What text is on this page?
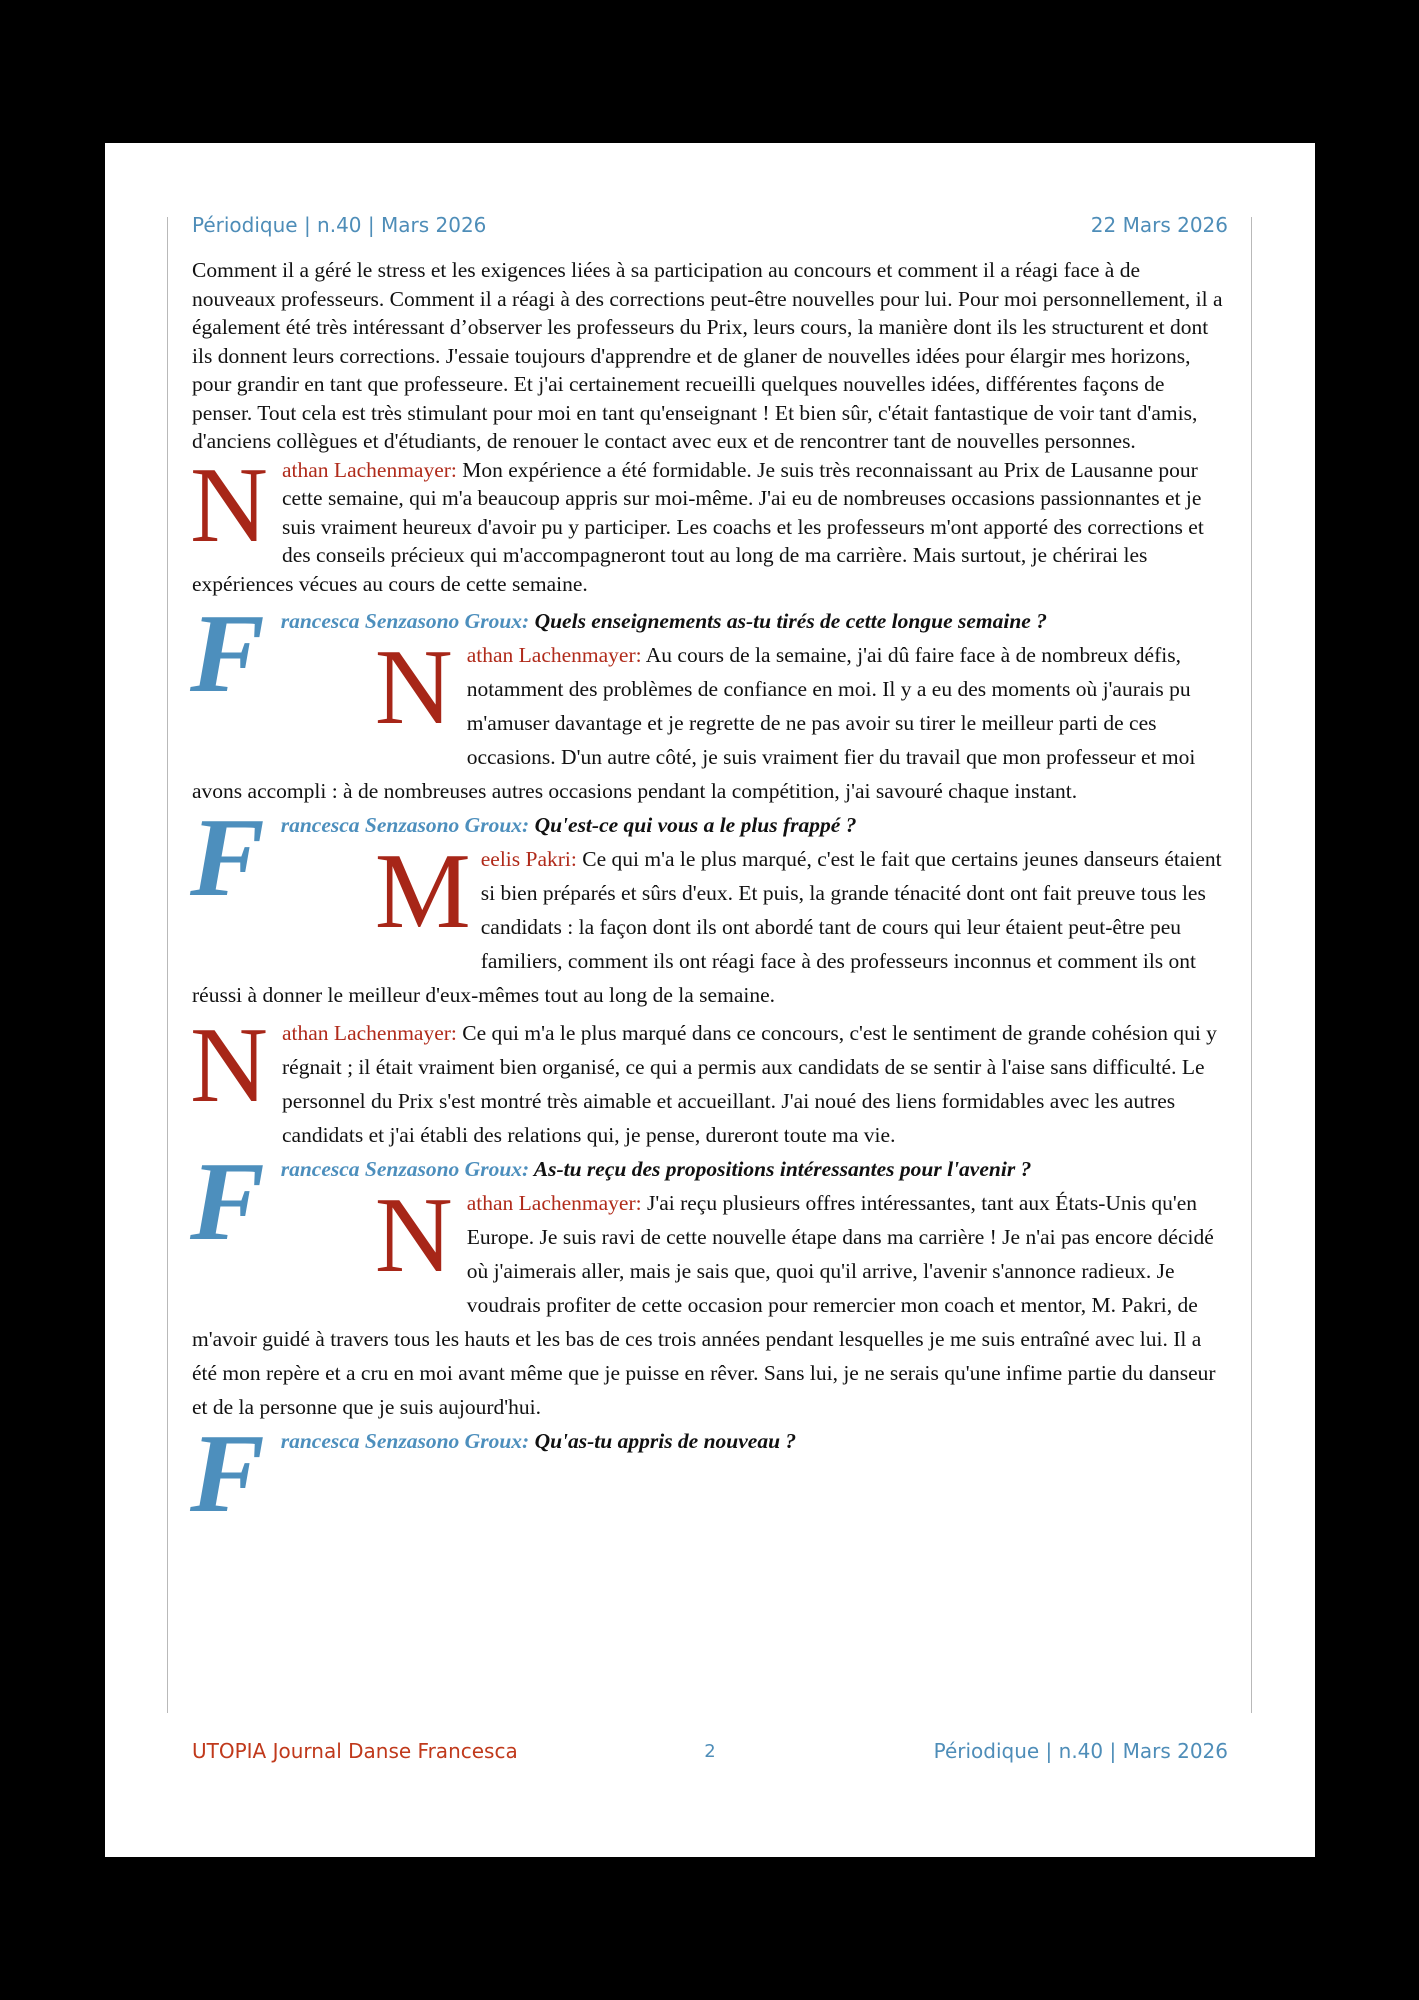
Périodique | n.40 | Mars 2026	22 Mars 2026

Comment il a géré le stress et les exigences liées à sa participation au concours et comment il a réagi face à de nouveaux professeurs. Comment il a réagi à des corrections peut-être nouvelles pour lui. Pour moi personnellement, il a également été très intéressant d’observer les professeurs du Prix, leurs cours, la manière dont ils les structurent et dont ils donnent leurs corrections. J'essaie toujours d'apprendre et de glaner de nouvelles idées pour élargir mes horizons, pour grandir en tant que professeure. Et j'ai certainement recueilli quelques nouvelles idées, différentes façons de penser. Tout cela est très stimulant pour moi en tant qu'enseignant ! Et bien sûr, c'était fantastique de voir tant d'amis, d'anciens collègues et d'étudiants, de renouer le contact avec eux et de rencontrer tant de nouvelles personnes.

Nathan Lachenmayer: Mon expérience a été formidable. Je suis très reconnaissant au Prix de Lausanne pour cette semaine, qui m'a beaucoup appris sur moi-même. J'ai eu de nombreuses occasions passionnantes et je suis vraiment heureux d'avoir pu y participer. Les coachs et les professeurs m'ont apporté des corrections et des conseils précieux qui m'accompagneront tout au long de ma carrière. Mais surtout, je chérirai les expériences vécues au cours de cette semaine.

Francesca Senzasono Groux: Quels enseignements as-tu tirés de cette longue semaine ?

Nathan Lachenmayer: Au cours de la semaine, j'ai dû faire face à de nombreux défis, notamment des problèmes de confiance en moi. Il y a eu des moments où j'aurais pu m'amuser davantage et je regrette de ne pas avoir su tirer le meilleur parti de ces occasions. D'un autre côté, je suis vraiment fier du travail que mon professeur et moi avons accompli : à de nombreuses autres occasions pendant la compétition, j'ai savouré chaque instant.

Francesca Senzasono Groux: Qu'est-ce qui vous a le plus frappé ?

Meelis Pakri: Ce qui m'a le plus marqué, c'est le fait que certains jeunes danseurs étaient si bien préparés et sûrs d'eux. Et puis, la grande ténacité dont ont fait preuve tous les candidats : la façon dont ils ont abordé tant de cours qui leur étaient peut-être peu familiers, comment ils ont réagi face à des professeurs inconnus et comment ils ont réussi à donner le meilleur d'eux-mêmes tout au long de la semaine.

Nathan Lachenmayer: Ce qui m'a le plus marqué dans ce concours, c'est le sentiment de grande cohésion qui y régnait ; il était vraiment bien organisé, ce qui a permis aux candidats de se sentir à l'aise sans difficulté. Le personnel du Prix s'est montré très aimable et accueillant. J'ai noué des liens formidables avec les autres candidats et j'ai établi des relations qui, je pense, dureront toute ma vie.

Francesca Senzasono Groux: As-tu reçu des propositions intéressantes pour l'avenir ?

Nathan Lachenmayer: J'ai reçu plusieurs offres intéressantes, tant aux États-Unis qu'en Europe. Je suis ravi de cette nouvelle étape dans ma carrière ! Je n'ai pas encore décidé où j'aimerais aller, mais je sais que, quoi qu'il arrive, l'avenir s'annonce radieux. Je voudrais profiter de cette occasion pour remercier mon coach et mentor, M. Pakri, de m'avoir guidé à travers tous les hauts et les bas de ces trois années pendant lesquelles je me suis entraîné avec lui. Il a été mon repère et a cru en moi avant même que je puisse en rêver. Sans lui, je ne serais qu'une infime partie du danseur et de la personne que je suis aujourd'hui.

Francesca Senzasono Groux: Qu'as-tu appris de nouveau ?

UTOPIA Journal Danse Francesca	2	Périodique | n.40 | Mars 2026
